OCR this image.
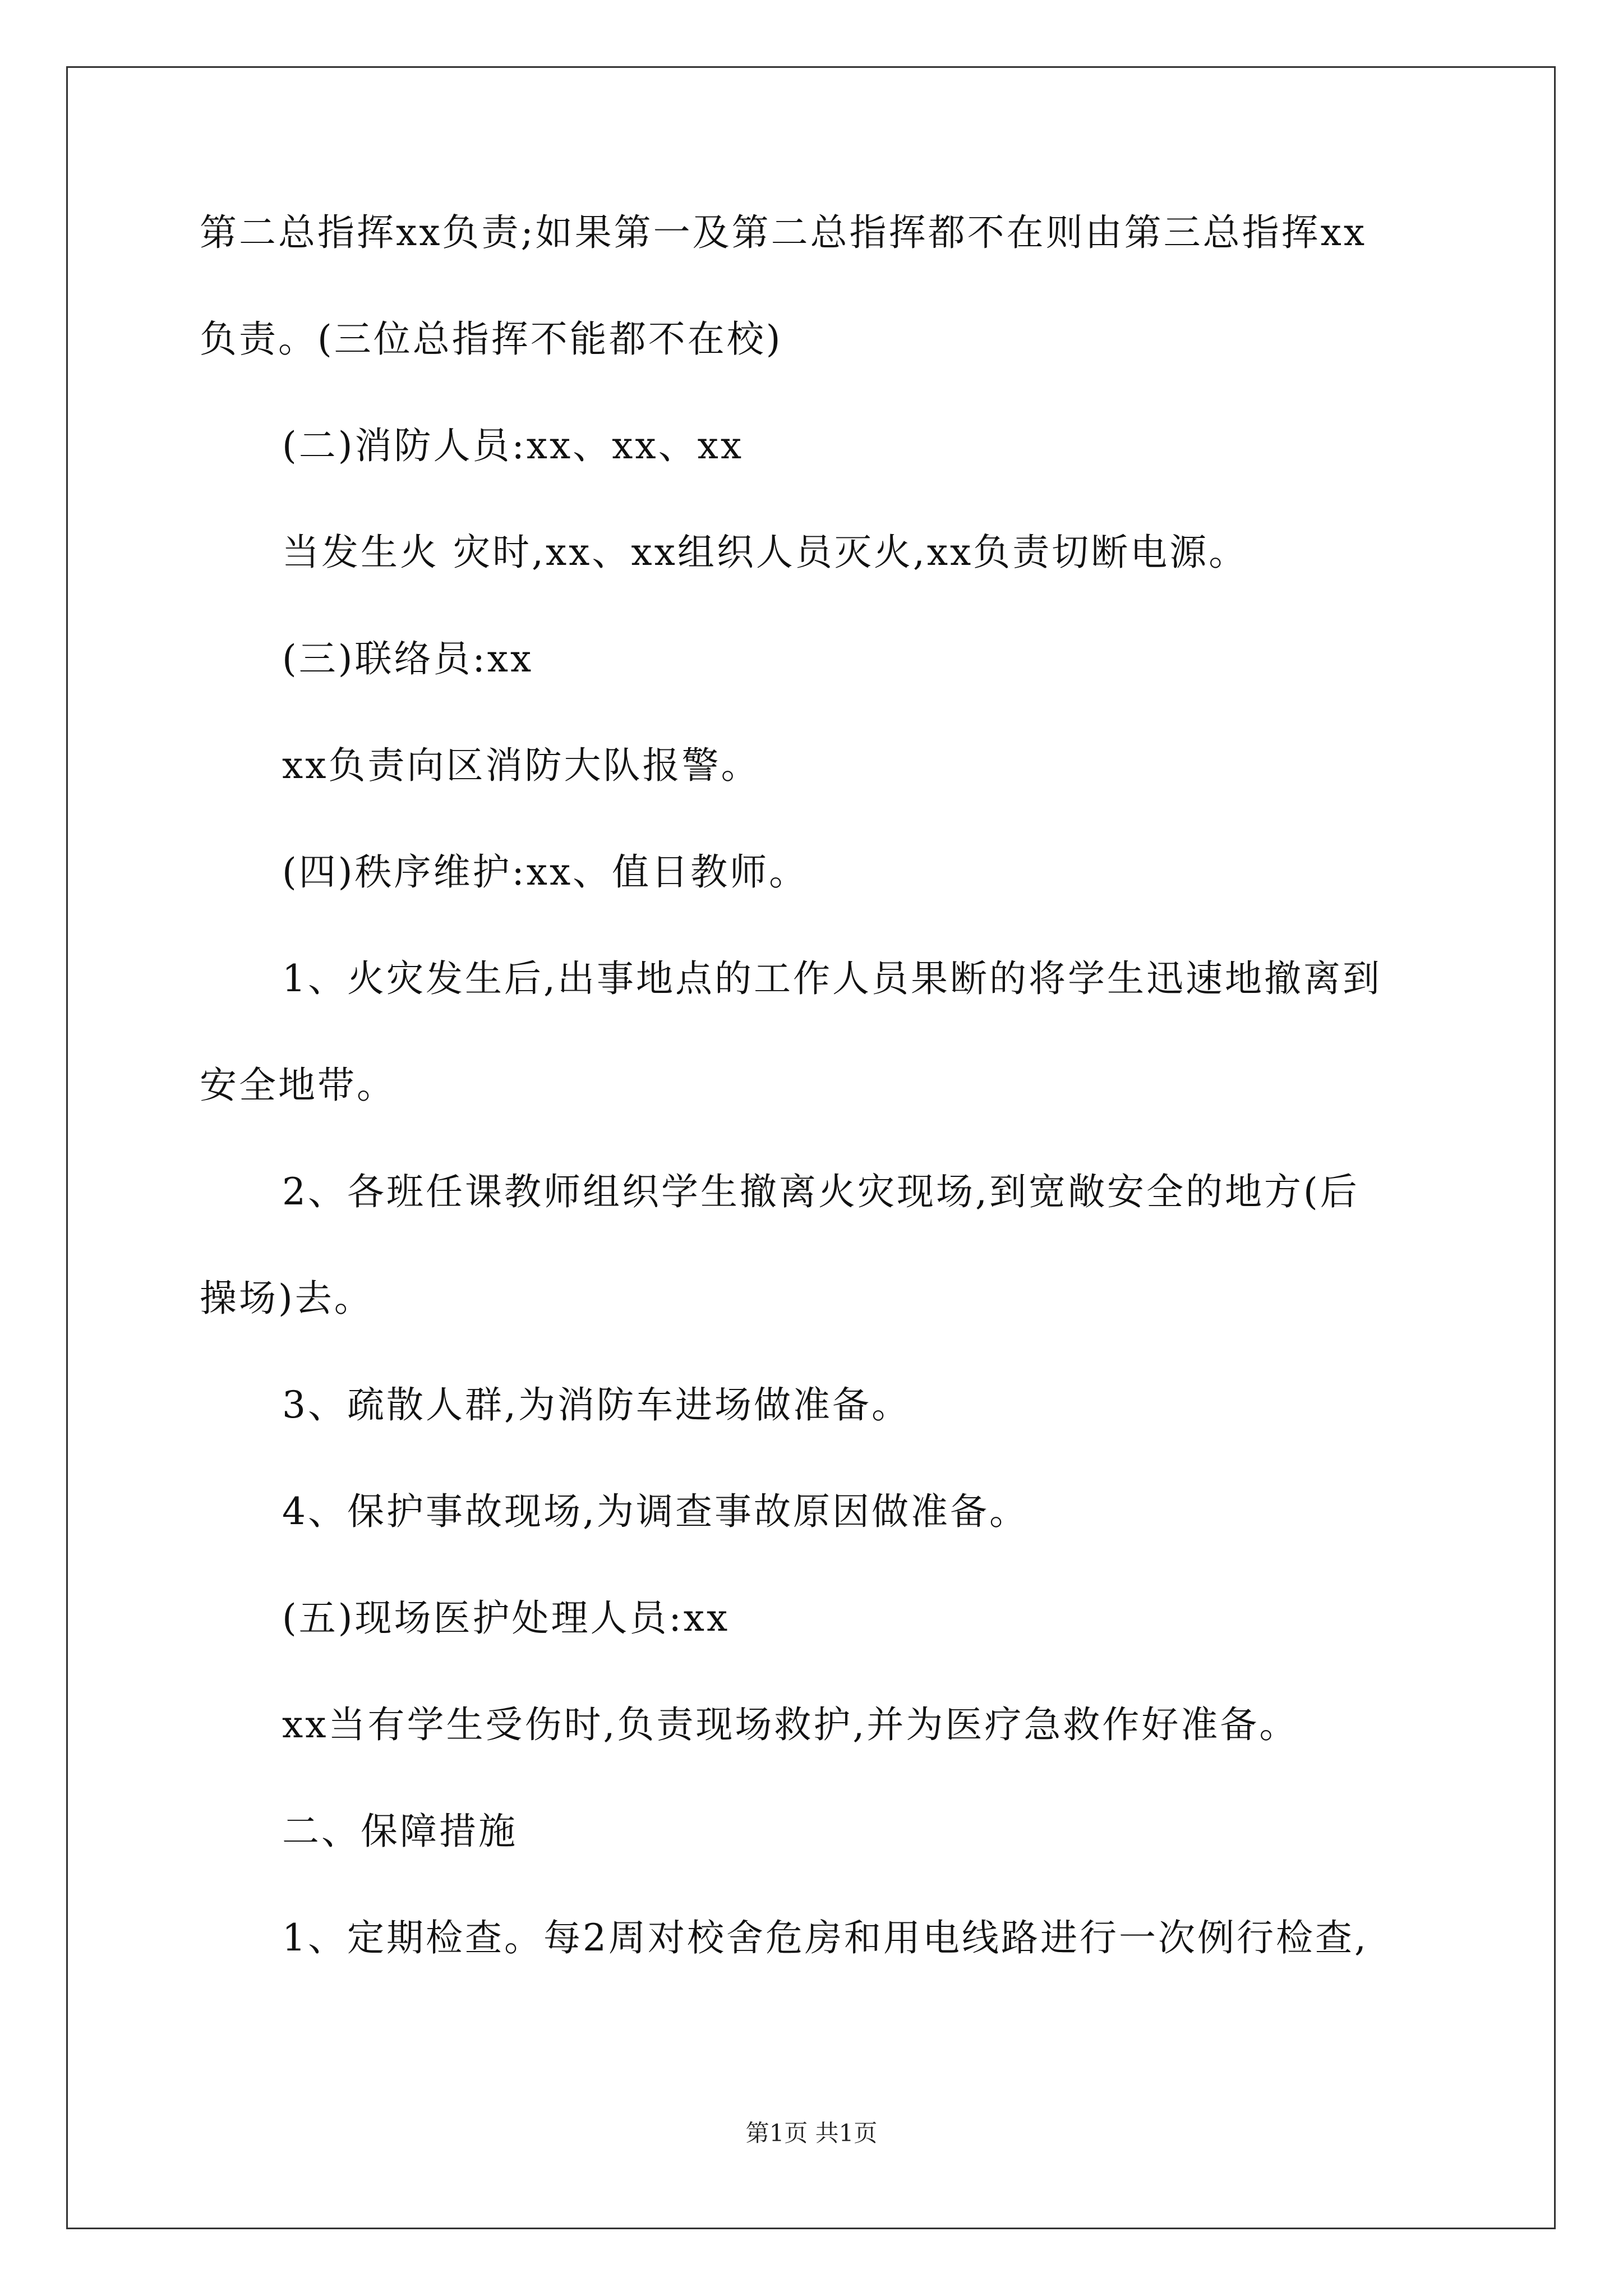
第二总指挥xx负责;如果第一及第二总指挥都不在则由第三总指挥xx
负责。(三位总指挥不能都不在校)
(二)消防人员:xx、xx、xx
当发生火 灾时,xx、xx组织人员灭火,xx负责切断电源。
(三)联络员:xx
xx负责向区消防大队报警。
(四)秩序维护:xx、值日教师。
1、火灾发生后,出事地点的工作人员果断的将学生迅速地撤离到
安全地带。
2、各班任课教师组织学生撤离火灾现场,到宽敞安全的地方(后
操场)去。
3、疏散人群,为消防车进场做准备。
4、保护事故现场,为调查事故原因做准备。
(五)现场医护处理人员:xx
xx当有学生受伤时,负责现场救护,并为医疗急救作好准备。
二、保障措施
1、定期检查。每2周对校舍危房和用电线路进行一次例行检查,
第1页 共1页
